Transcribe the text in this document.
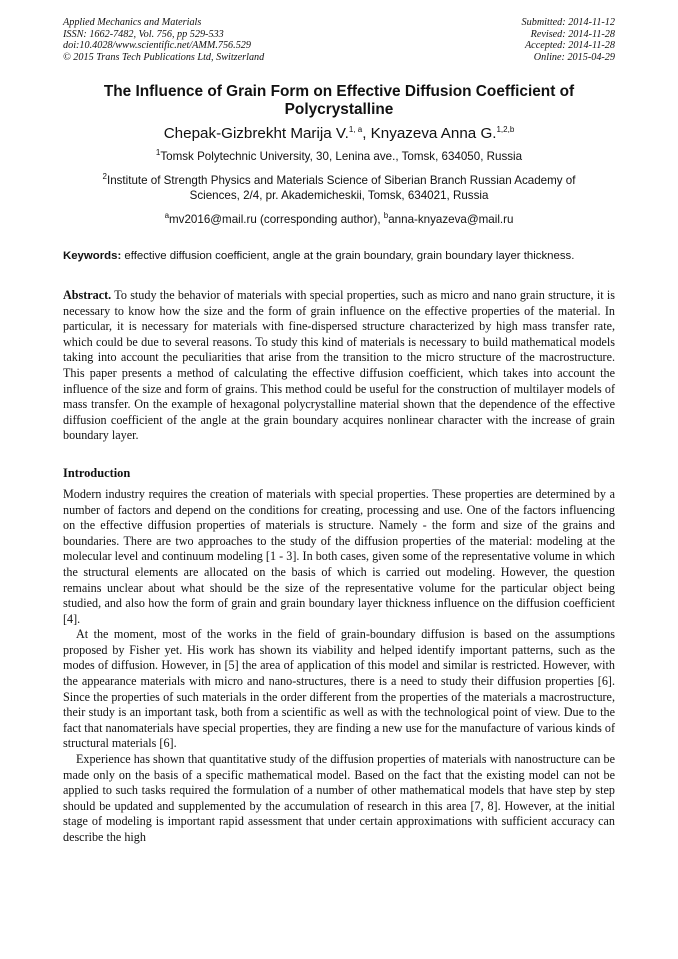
Applied Mechanics and Materials
ISSN: 1662-7482, Vol. 756, pp 529-533
doi:10.4028/www.scientific.net/AMM.756.529
© 2015 Trans Tech Publications Ltd, Switzerland
Submitted: 2014-11-12
Revised: 2014-11-28
Accepted: 2014-11-28
Online: 2015-04-29
The Influence of Grain Form on Effective Diffusion Coefficient of Polycrystalline
Chepak-Gizbrekht Marija V.$^{1, a}$, Knyazeva Anna G.$^{1,2,b}$
$^1$Tomsk Polytechnic University, 30, Lenina ave., Tomsk, 634050, Russia
$^2$Institute of Strength Physics and Materials Science of Siberian Branch Russian Academy of Sciences, 2/4, pr. Akademicheskii, Tomsk, 634021, Russia
$^a$mv2016@mail.ru (corresponding author), $^b$anna-knyazeva@mail.ru
Keywords: effective diffusion coefficient, angle at the grain boundary, grain boundary layer thickness.
Abstract. To study the behavior of materials with special properties, such as micro and nano grain structure, it is necessary to know how the size and the form of grain influence on the effective properties of the material. In particular, it is necessary for materials with fine-dispersed structure characterized by high mass transfer rate, which could be due to several reasons. To study this kind of materials is necessary to build mathematical models taking into account the peculiarities that arise from the transition to the micro structure of the macrostructure. This paper presents a method of calculating the effective diffusion coefficient, which takes into account the influence of the size and form of grains. This method could be useful for the construction of multilayer models of mass transfer. On the example of hexagonal polycrystalline material shown that the dependence of the effective diffusion coefficient of the angle at the grain boundary acquires nonlinear character with the increase of grain boundary layer.
Introduction

Modern industry requires the creation of materials with special properties. These properties are determined by a number of factors and depend on the conditions for creating, processing and use. One of the factors influencing on the effective diffusion properties of materials is structure. Namely - the form and size of the grains and boundaries. There are two approaches to the study of the diffusion properties of the material: modeling at the molecular level and continuum modeling [1 - 3]. In both cases, given some of the representative volume in which the structural elements are allocated on the basis of which is carried out modeling. However, the question remains unclear about what should be the size of the representative volume for the particular object being studied, and also how the form of grain and grain boundary layer thickness influence on the diffusion coefficient [4].

At the moment, most of the works in the field of grain-boundary diffusion is based on the assumptions proposed by Fisher yet. His work has shown its viability and helped identify important patterns, such as the modes of diffusion. However, in [5] the area of application of this model and similar is restricted. However, with the appearance materials with micro and nano-structures, there is a need to study their diffusion properties [6]. Since the properties of such materials in the order different from the properties of the materials a macrostructure, their study is an important task, both from a scientific as well as with the technological point of view. Due to the fact that nanomaterials have special properties, they are finding a new use for the manufacture of various kinds of structural materials [6].

Experience has shown that quantitative study of the diffusion properties of materials with nanostructure can be made only on the basis of a specific mathematical model. Based on the fact that the existing model can not be applied to such tasks required the formulation of a number of other mathematical models that have step by step should be updated and supplemented by the accumulation of research in this area [7, 8]. However, at the initial stage of modeling is important rapid assessment that under certain approximations with sufficient accuracy can describe the high
